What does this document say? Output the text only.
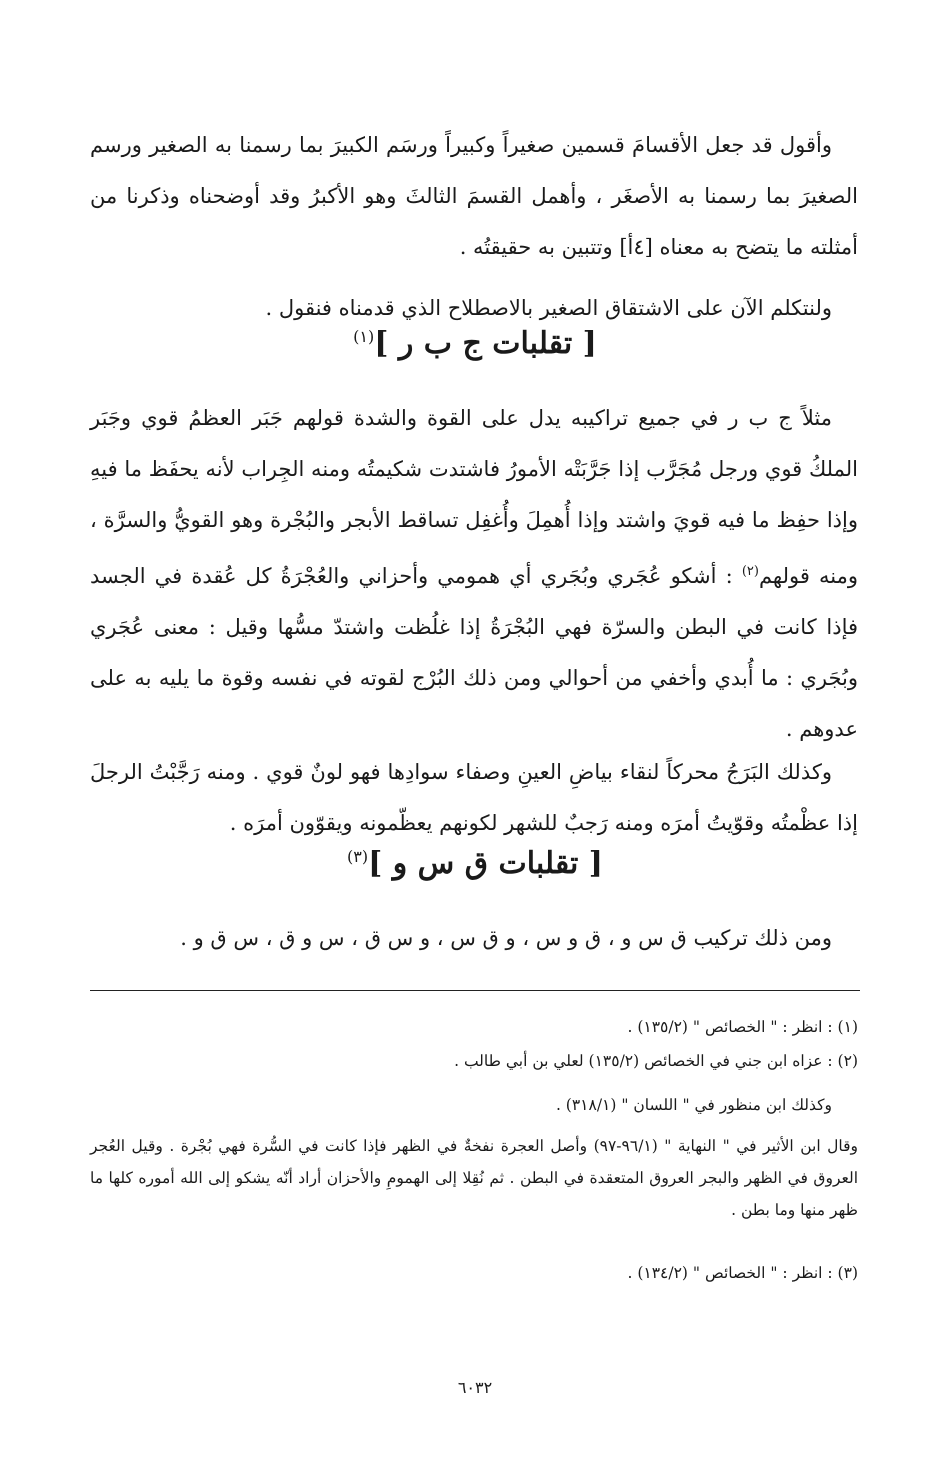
وأقول قد جعل الأقسامَ قسمين صغيراً وكبيراً ورسَم الكبيرَ بما رسمنا به الصغير ورسم الصغيرَ بما رسمنا به الأصغَر ، وأهمل القسمَ الثالثَ وهو الأكبرُ وقد أوضحناه وذكرنا من أمثلته ما يتضح به معناه [٤أ] وتتبين به حقيقتُه .

ولنتكلم الآن على الاشتقاق الصغير بالاصطلاح الذي قدمناه فنقول .

[ تقلبات ج ب ر ]$^{(١)}$

مثلاً ج ب ر في جميع تراكيبه يدل على القوة والشدة قولهم جَبَر العظمُ قوي وجَبَر الملكُ قوي ورجل مُجَرَّب إذا جَرَّبَتْه الأمورُ فاشتدت شكيمتُه ومنه الجِراب لأنه يحفَظ ما فيهِ وإذا حفِظ ما فيه قويَ واشتد وإذا أُهمِلَ وأُغفِل تساقط الأبجر والبُجْرة وهو القويُّ والسرَّة ، ومنه قولهم$^{(٢)}$ : أشكو عُجَري وبُجَري أي همومي وأحزاني والعُجْرَةُ كل عُقدة في الجسد فإذا كانت في البطن والسرّة فهي البُجْرَةُ إذا غلُظت واشتدّ مسُّها وقيل : معنى عُجَري وبُجَري : ما أُبدي وأخفي من أحوالي ومن ذلك البُرْج لقوته في نفسه وقوة ما يليه به على عدوهم .

وكذلك البَرَجُ محركاً لنقاء بياضِ العينِ وصفاء سوادِها فهو لونٌ قوي . ومنه رَجَّبْتُ الرجلَ إذا عظْمتُه وقوّيتُ أمرَه ومنه رَجبٌ للشهر لكونهم يعظّمونه ويقوّون أمرَه .

[ تقلبات ق س و ]$^{(٣)}$

ومن ذلك تركيب ق س و ، ق و س ، و ق س ، و س ق ، س و ق ، س ق و .

(١) : انظر : " الخصائص " (١٣٥/٢) .

(٢) : عزاه ابن جني في الخصائص (١٣٥/٢) لعلي بن أبي طالب .

وكذلك ابن منظور في " اللسان " (٣١٨/١) .

وقال ابن الأثير في " النهاية " (٩٦/١-٩٧) وأصل العجرة نفخةٌ في الظهر فإذا كانت في السُّرة فهي بُجْرة . وقيل العُجر العروق في الظهر والبجر العروق المتعقدة في البطن . ثم نُقِلا إلى الهمومِ والأحزان أراد أنّه يشكو إلى الله أموره كلها ما ظهر منها وما بطن .

(٣) : انظر : " الخصائص " (١٣٤/٢) .

٦٠٣٢
